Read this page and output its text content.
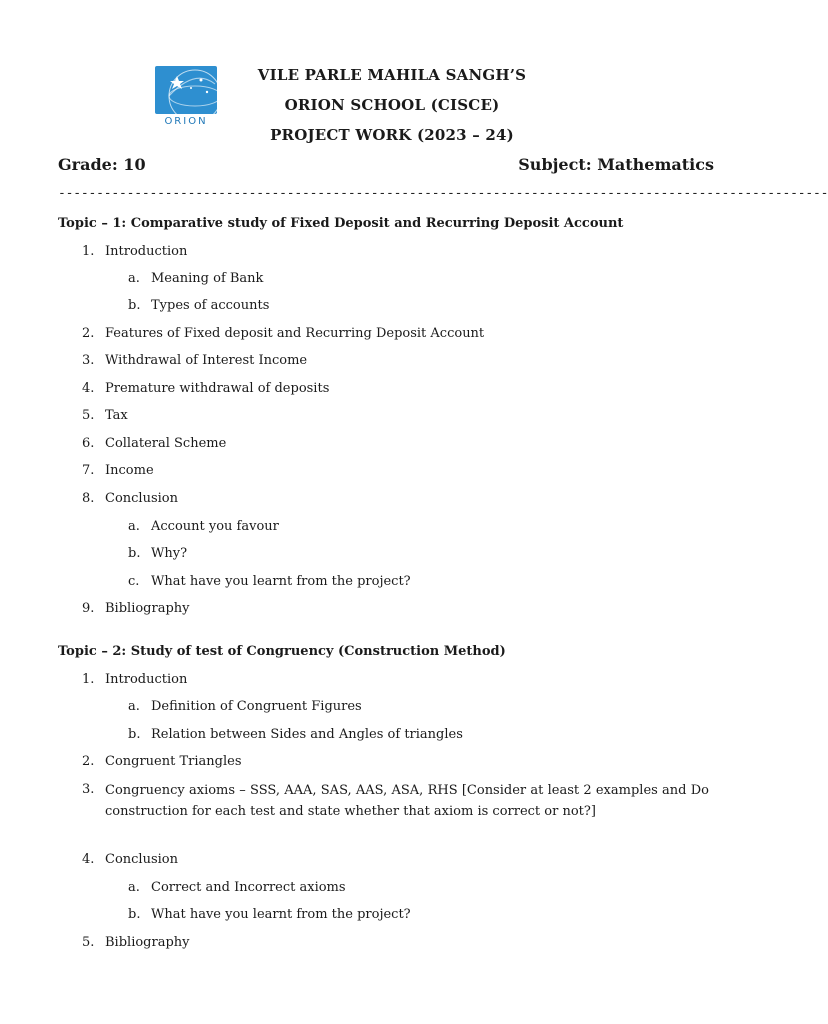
ORION
VILE PARLE MAHILA SANGH’S
ORION SCHOOL (CISCE)
PROJECT WORK (2023 – 24)
Grade: 10	Subject: Mathematics
-----------------------------------------------------------------------------------------------------
Topic – 1: Comparative study of Fixed Deposit and Recurring Deposit Account
1. Introduction
a. Meaning of Bank
b. Types of accounts
2. Features of Fixed deposit and Recurring Deposit Account
3. Withdrawal of Interest Income
4. Premature withdrawal of deposits
5. Tax
6. Collateral Scheme
7. Income
8. Conclusion
a. Account you favour
b. Why?
c. What have you learnt from the project?
9. Bibliography
Topic – 2: Study of test of Congruency (Construction Method)
1. Introduction
a. Definition of Congruent Figures
b. Relation between Sides and Angles of triangles
2. Congruent Triangles
3. Congruency axioms – SSS, AAA, SAS, AAS, ASA, RHS [Consider at least 2 examples and Do construction for each test and state whether that axiom is correct or not?]
4. Conclusion
a. Correct and Incorrect axioms
b. What have you learnt from the project?
5. Bibliography
